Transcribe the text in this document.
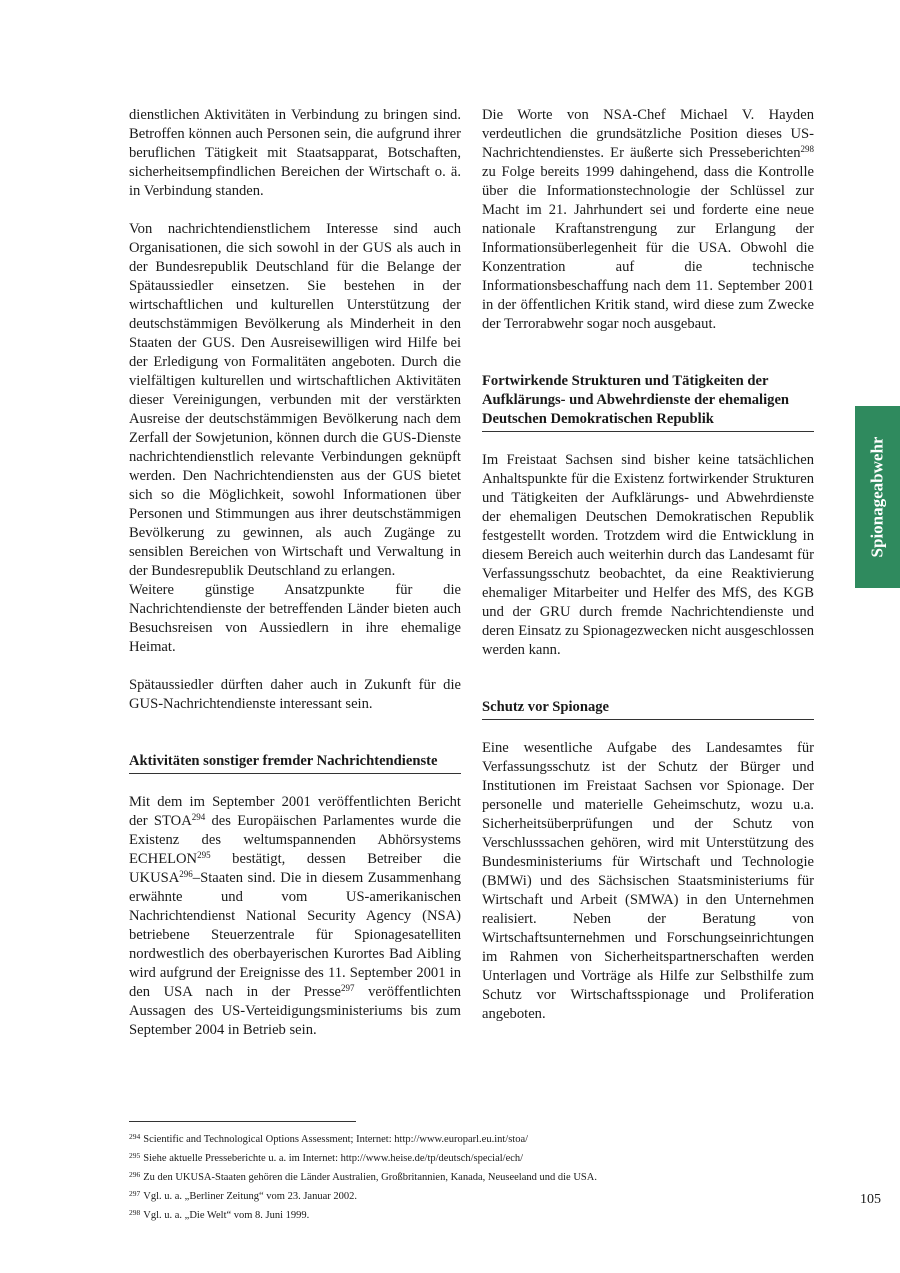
dienstlichen Aktivitäten in Verbindung zu bringen sind. Betroffen können auch Personen sein, die aufgrund ihrer beruflichen Tätigkeit mit Staatsapparat, Botschaften, sicherheitsempfindlichen Bereichen der Wirtschaft o. ä. in Verbindung standen.

Von nachrichtendienstlichem Interesse sind auch Organisationen, die sich sowohl in der GUS als auch in der Bundesrepublik Deutschland für die Belange der Spätaussiedler einsetzen. Sie bestehen in der wirtschaftlichen und kulturellen Unterstützung der deutschstämmigen Bevölkerung als Minderheit in den Staaten der GUS. Den Ausreisewilligen wird Hilfe bei der Erledigung von Formalitäten angeboten. Durch die vielfältigen kulturellen und wirtschaftlichen Aktivitäten dieser Vereinigungen, verbunden mit der verstärkten Ausreise der deutschstämmigen Bevölkerung nach dem Zerfall der Sowjetunion, können durch die GUS-Dienste nachrichtendienstlich relevante Verbindungen geknüpft werden. Den Nachrichtendiensten aus der GUS bietet sich so die Möglichkeit, sowohl Informationen über Personen und Stimmungen aus ihrer deutschstämmigen Bevölkerung zu gewinnen, als auch Zugänge zu sensiblen Bereichen von Wirtschaft und Verwaltung in der Bundesrepublik Deutschland zu erlangen.

Weitere günstige Ansatzpunkte für die Nachrichtendienste der betreffenden Länder bieten auch Besuchsreisen von Aussiedlern in ihre ehemalige Heimat.

Spätaussiedler dürften daher auch in Zukunft für die GUS-Nachrichtendienste interessant sein.

Aktivitäten sonstiger fremder Nachrichtendienste

Mit dem im September 2001 veröffentlichten Bericht der STOA$^{294}$ des Europäischen Parlamentes wurde die Existenz des weltumspannenden Abhörsystems ECHELON$^{295}$ bestätigt, dessen Betreiber die UKUSA$^{296}$–Staaten sind. Die in diesem Zusammenhang erwähnte und vom US-amerikanischen Nachrichtendienst National Security Agency (NSA) betriebene Steuerzentrale für Spionagesatelliten nordwestlich des oberbayerischen Kurortes Bad Aibling wird aufgrund der Ereignisse des 11. September 2001 in den USA nach in der Presse$^{297}$ veröffentlichten Aussagen des US-Verteidigungsministeriums bis zum September 2004 in Betrieb sein.

Die Worte von NSA-Chef Michael V. Hayden verdeutlichen die grundsätzliche Position dieses US-Nachrichtendienstes. Er äußerte sich Presseberichten$^{298}$ zu Folge bereits 1999 dahingehend, dass die Kontrolle über die Informationstechnologie der Schlüssel zur Macht im 21. Jahrhundert sei und forderte eine neue nationale Kraftanstrengung zur Erlangung der Informationsüberlegenheit für die USA. Obwohl die Konzentration auf die technische Informationsbeschaffung nach dem 11. September 2001 in der öffentlichen Kritik stand, wird diese zum Zwecke der Terrorabwehr sogar noch ausgebaut.

Fortwirkende Strukturen und Tätigkeiten der Aufklärungs- und Abwehrdienste der ehemaligen Deutschen Demokratischen Republik

Im Freistaat Sachsen sind bisher keine tatsächlichen Anhaltspunkte für die Existenz fortwirkender Strukturen und Tätigkeiten der Aufklärungs- und Abwehrdienste der ehemaligen Deutschen Demokratischen Republik festgestellt worden. Trotzdem wird die Entwicklung in diesem Bereich auch weiterhin durch das Landesamt für Verfassungsschutz beobachtet, da eine Reaktivierung ehemaliger Mitarbeiter und Helfer des MfS, des KGB und der GRU durch fremde Nachrichtendienste und deren Einsatz zu Spionagezwecken nicht ausgeschlossen werden kann.

Schutz vor Spionage

Eine wesentliche Aufgabe des Landesamtes für Verfassungsschutz ist der Schutz der Bürger und Institutionen im Freistaat Sachsen vor Spionage. Der personelle und materielle Geheimschutz, wozu u.a. Sicherheitsüberprüfungen und der Schutz von Verschlusssachen gehören, wird mit Unterstützung des Bundesministeriums für Wirtschaft und Technologie (BMWi) und des Sächsischen Staatsministeriums für Wirtschaft und Arbeit (SMWA) in den Unternehmen realisiert. Neben der Beratung von Wirtschaftsunternehmen und Forschungseinrichtungen im Rahmen von Sicherheitspartnerschaften werden Unterlagen und Vorträge als Hilfe zur Selbsthilfe zum Schutz vor Wirtschaftsspionage und Proliferation angeboten.

Spionageabwehr
$^{294}$ Scientific and Technological Options Assessment; Internet: http://www.europarl.eu.int/stoa/
$^{295}$ Siehe aktuelle Presseberichte u. a. im Internet: http://www.heise.de/tp/deutsch/special/ech/
$^{296}$ Zu den UKUSA-Staaten gehören die Länder Australien, Großbritannien, Kanada, Neuseeland und die USA.
$^{297}$ Vgl. u. a. „Berliner Zeitung“ vom 23. Januar 2002.
$^{298}$ Vgl. u. a. „Die Welt“ vom 8. Juni 1999.
105
